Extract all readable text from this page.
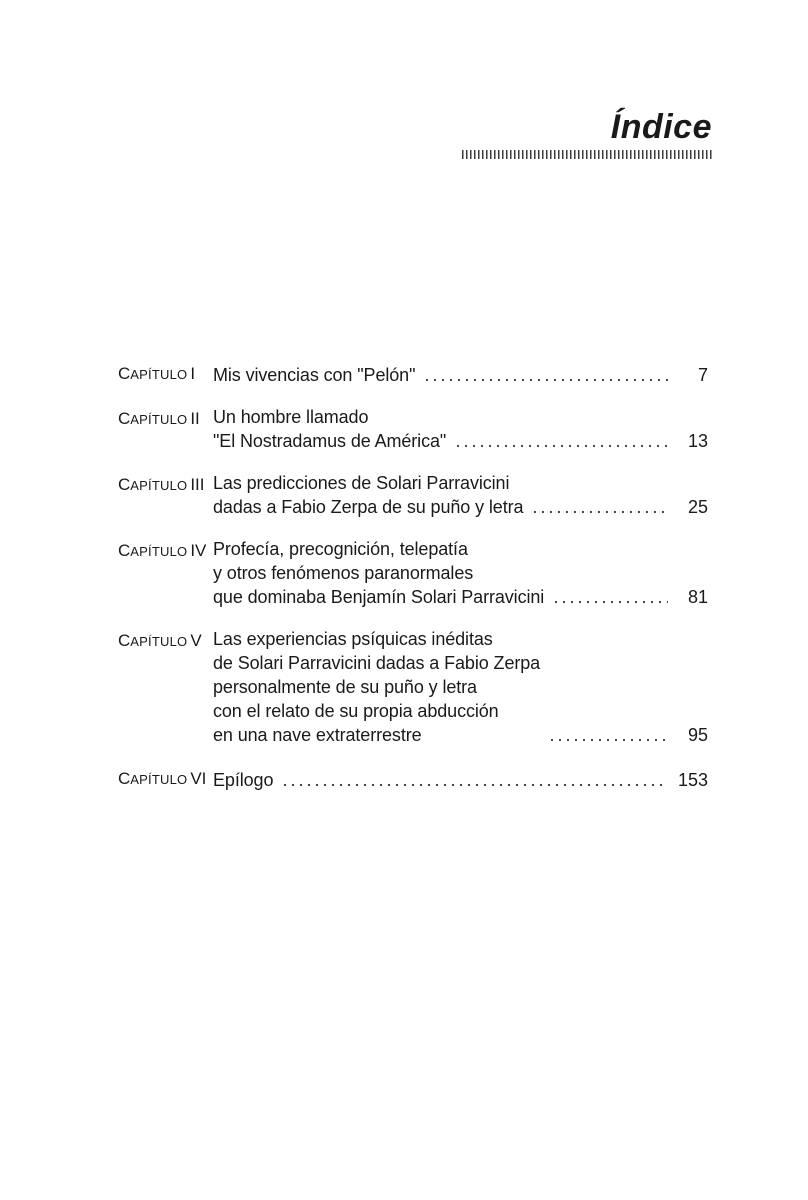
Índice
CAPÍTULO I Mis vivencias con "Pelón"	7
CAPÍTULO II Un hombre llamado
"El Nostradamus de América"	13
CAPÍTULO III Las predicciones de Solari Parravicini
dadas a Fabio Zerpa de su puño y letra	25
CAPÍTULO IV Profecía, precognición, telepatía
y otros fenómenos paranormales
que dominaba Benjamín Solari Parravicini	81
CAPÍTULO V Las experiencias psíquicas inéditas
de Solari Parravicini dadas a Fabio Zerpa
personalmente de su puño y letra
con el relato de su propia abducción
en una nave extraterrestre	95
CAPÍTULO VI Epílogo	153
